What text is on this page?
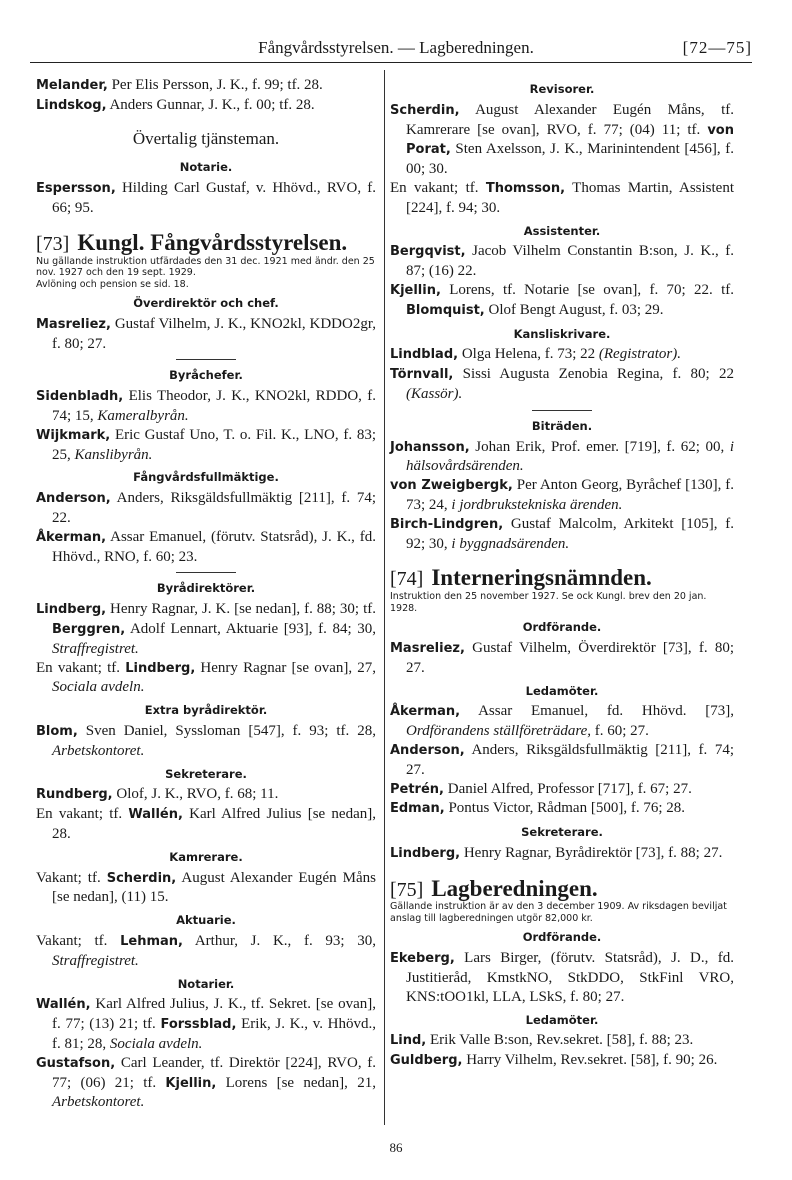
Fångvårdsstyrelsen. — Lagberedningen.	[72—75]

Melander, Per Elis Persson, J. K., f. 99; tf. 28.

Lindskog, Anders Gunnar, J. K., f. 00; tf. 28.

Övertalig tjänsteman.
Notarie.

Espersson, Hilding Carl Gustaf, v. Hhövd., RVO, f. 66; 95.

[73] Kungl. Fångvårdsstyrelsen.

Nu gällande instruktion utfärdades den 31 dec. 1921 med ändr. den 25 nov. 1927 och den 19 sept. 1929.

Avlöning och pension se sid. 18.

Överdirektör och chef.

Masreliez, Gustaf Vilhelm, J. K., KNO2kl, KDDO2gr, f. 80; 27.

Byråchefer.

Sidenbladh, Elis Theodor, J. K., KNO2kl, RDDO, f. 74; 15, Kameralbyrån.

Wijkmark, Eric Gustaf Uno, T. o. Fil. K., LNO, f. 83; 25, Kanslibyrån.

Fångvårdsfullmäktige.

Anderson, Anders, Riksgäldsfullmäktig [211], f. 74; 22.

Åkerman, Assar Emanuel, (förutv. Statsråd), J. K., fd. Hhövd., RNO, f. 60; 23.

Byrådirektörer.

Lindberg, Henry Ragnar, J. K. [se nedan], f. 88; 30; tf. Berggren, Adolf Lennart, Aktuarie [93], f. 84; 30, Straffregistret.

En vakant; tf. Lindberg, Henry Ragnar [se ovan], 27, Sociala avdeln.

Extra byrådirektör.

Blom, Sven Daniel, Syssloman [547], f. 93; tf. 28, Arbetskontoret.

Sekreterare.

Rundberg, Olof, J. K., RVO, f. 68; 11.

En vakant; tf. Wallén, Karl Alfred Julius [se nedan], 28.

Kamrerare.

Vakant; tf. Scherdin, August Alexander Eugén Måns [se nedan], (11) 15.

Aktuarie.

Vakant; tf. Lehman, Arthur, J. K., f. 93; 30, Straffregistret.

Notarier.

Wallén, Karl Alfred Julius, J. K., tf. Sekret. [se ovan], f. 77; (13) 21; tf. Forssblad, Erik, J. K., v. Hhövd., f. 81; 28, Sociala avdeln.

Gustafson, Carl Leander, tf. Direktör [224], RVO, f. 77; (06) 21; tf. Kjellin, Lorens [se nedan], 21, Arbetskontoret.

Revisorer.

Scherdin, August Alexander Eugén Måns, tf. Kamrerare [se ovan], RVO, f. 77; (04) 11; tf. von Porat, Sten Axelsson, J. K., Marinintendent [456], f. 00; 30.

En vakant; tf. Thomsson, Thomas Martin, Assistent [224], f. 94; 30.

Assistenter.

Bergqvist, Jacob Vilhelm Constantin B:son, J. K., f. 87; (16) 22.

Kjellin, Lorens, tf. Notarie [se ovan], f. 70; 22. tf. Blomquist, Olof Bengt August, f. 03; 29.

Kansliskrivare.

Lindblad, Olga Helena, f. 73; 22 (Registrator).

Törnvall, Sissi Augusta Zenobia Regina, f. 80; 22 (Kassör).

Biträden.

Johansson, Johan Erik, Prof. emer. [719], f. 62; 00, i hälsovårdsärenden.

von Zweigbergk, Per Anton Georg, Byråchef [130], f. 73; 24, i jordbrukstekniska ärenden.

Birch-Lindgren, Gustaf Malcolm, Arkitekt [105], f. 92; 30, i byggnadsärenden.

[74] Interneringsnämnden.

Instruktion den 25 november 1927. Se ock Kungl. brev den 20 jan. 1928.

Ordförande.

Masreliez, Gustaf Vilhelm, Överdirektör [73], f. 80; 27.

Ledamöter.

Åkerman, Assar Emanuel, fd. Hhövd. [73], Ordförandens ställföreträdare, f. 60; 27.

Anderson, Anders, Riksgäldsfullmäktig [211], f. 74; 27.

Petrén, Daniel Alfred, Professor [717], f. 67; 27.

Edman, Pontus Victor, Rådman [500], f. 76; 28.

Sekreterare.

Lindberg, Henry Ragnar, Byrådirektör [73], f. 88; 27.

[75] Lagberedningen.

Gällande instruktion är av den 3 december 1909. Av riksdagen beviljat anslag till lagberedningen utgör 82,000 kr.

Ordförande.

Ekeberg, Lars Birger, (förutv. Statsråd), J. D., fd. Justitieråd, KmstkNO, StkDDO, StkFinl VRO, KNS:tOO1kl, LLA, LSkS, f. 80; 27.

Ledamöter.

Lind, Erik Valle B:son, Rev.sekret. [58], f. 88; 23.

Guldberg, Harry Vilhelm, Rev.sekret. [58], f. 90; 26.

86
